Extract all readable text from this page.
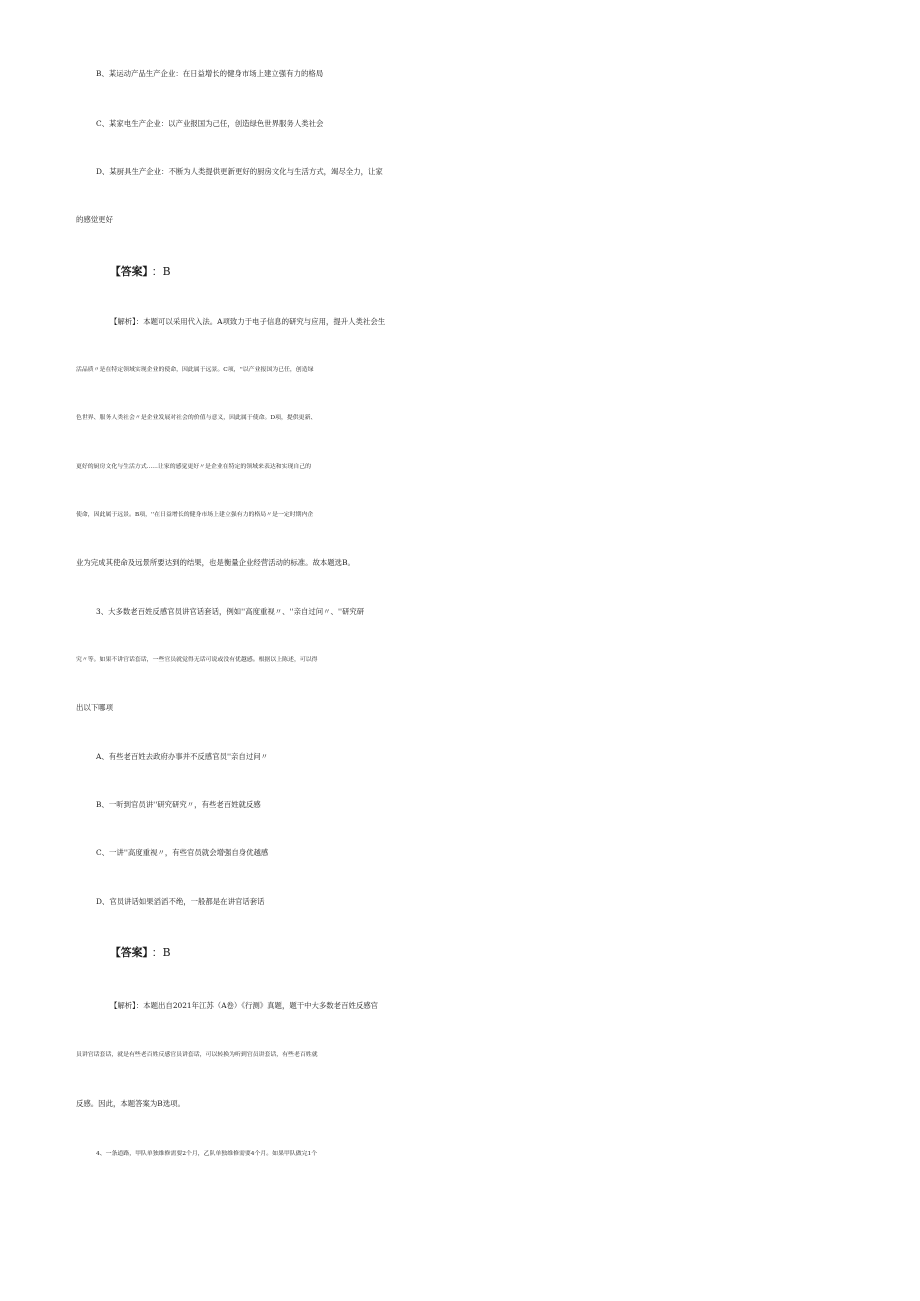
B、某运动产品生产企业：在日益增长的健身市场上建立强有力的格局
C、某家电生产企业：以产业报国为己任，创造绿色世界服务人类社会
D、某厨具生产企业：不断为人类提供更新更好的厨房文化与生活方式，竭尽全力，让家
的感觉更好
【答案】 ：B
【解析】：本题可以采用代入法。A项致力于电子信息的研究与应用，提升人类社会生
活品质〃是在特定领域实现企业的使命，因此属于远景。C项，''以产业报国为已任，创造绿
色世界、服务人类社会〃是企业发展对社会的价值与意义，因此属于使命。D项，提供更新、
更好的厨房文化与生活方式......让家的感觉更好〃是企业在特定的领域来表达和实现自己的
使命，因此属于远景。B项，''在日益增长的健身市场上建立强有力的格局〃是一定时期内企
业为完成其使命及远景所要达到的结果，也是衡量企业经营活动的标准。故本题选B。
3、大多数老百姓反感官员讲官话套话，例如''高度重视〃、''亲自过问〃、''研究研
究〃等。如果不讲官话套话，一些官员就觉得无话可说或没有优越感。根据以上陈述，可以得
出以下哪项
A、有些老百姓去政府办事并不反感官员''亲自过问〃
B、一听到官员讲''研究研究〃，有些老百姓就反感
C、一讲''高度重视〃，有些官员就会增强自身优越感
D、官员讲话如果滔滔不绝，一般都是在讲官话套话
【答案】 ：B
【解析】：本题出自2021年江苏（A卷）《行测》真题，题干中大多数老百姓反感官
员讲官话套话，就是有些老百姓反感官员讲套话，可以转换为听到官员讲套话，有些老百姓就
反感。因此，本题答案为B选项。
4、一条道路，甲队单独维修需要2个月，乙队单独维修需要4个月。如果甲队做完1个
